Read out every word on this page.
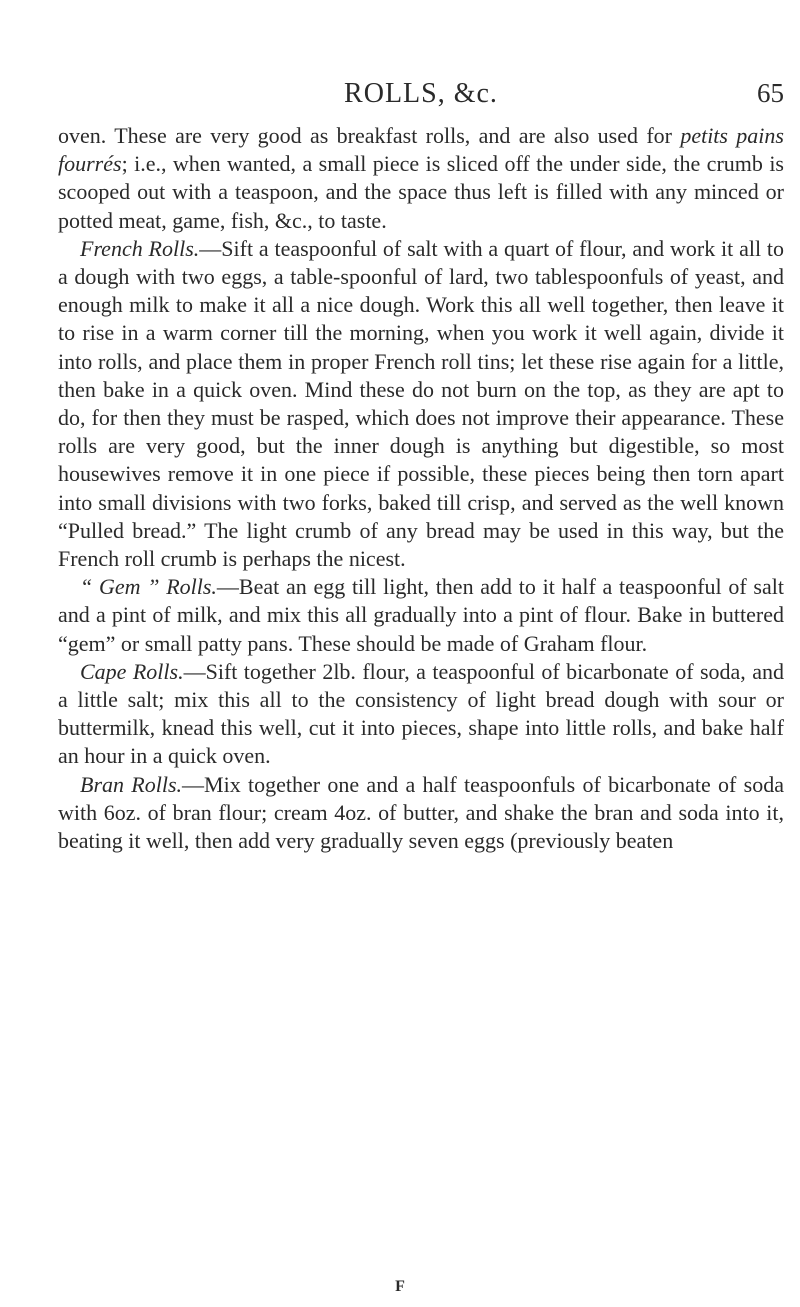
ROLLS, &c.	65

oven. These are very good as breakfast rolls, and are also used for petits pains fourrés; i.e., when wanted, a small piece is sliced off the under side, the crumb is scooped out with a teaspoon, and the space thus left is filled with any minced or potted meat, game, fish, &c., to taste.

French Rolls.—Sift a teaspoonful of salt with a quart of flour, and work it all to a dough with two eggs, a table-spoonful of lard, two tablespoonfuls of yeast, and enough milk to make it all a nice dough. Work this all well together, then leave it to rise in a warm corner till the morning, when you work it well again, divide it into rolls, and place them in proper French roll tins; let these rise again for a little, then bake in a quick oven. Mind these do not burn on the top, as they are apt to do, for then they must be rasped, which does not improve their appearance. These rolls are very good, but the inner dough is anything but digestible, so most housewives remove it in one piece if possible, these pieces being then torn apart into small divisions with two forks, baked till crisp, and served as the well known “Pulled bread.” The light crumb of any bread may be used in this way, but the French roll crumb is perhaps the nicest.

“ Gem ” Rolls.—Beat an egg till light, then add to it half a teaspoonful of salt and a pint of milk, and mix this all gradually into a pint of flour. Bake in buttered “gem” or small patty pans. These should be made of Graham flour.

Cape Rolls.—Sift together 2lb. flour, a teaspoonful of bicarbonate of soda, and a little salt; mix this all to the consistency of light bread dough with sour or buttermilk, knead this well, cut it into pieces, shape into little rolls, and bake half an hour in a quick oven.

Bran Rolls.—Mix together one and a half teaspoonfuls of bicarbonate of soda with 6oz. of bran flour; cream 4oz. of butter, and shake the bran and soda into it, beating it well, then add very gradually seven eggs (previously beaten

F
